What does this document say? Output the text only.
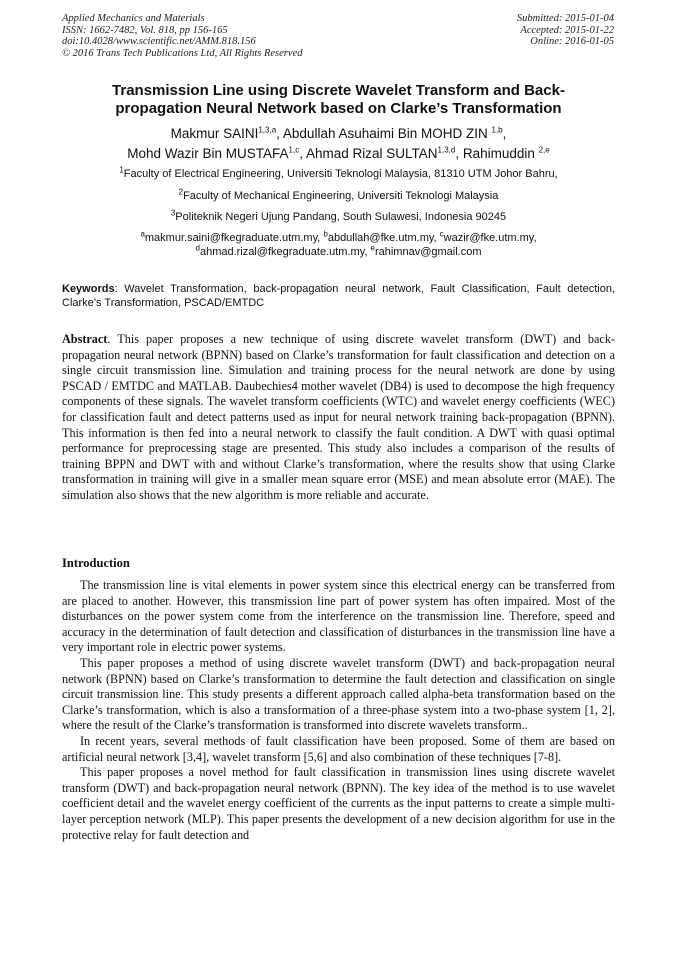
Applied Mechanics and Materials
ISSN: 1662-7482, Vol. 818, pp 156-165
doi:10.4028/www.scientific.net/AMM.818.156
© 2016 Trans Tech Publications Ltd, All Rights Reserved
Submitted: 2015-01-04
Accepted: 2015-01-22
Online: 2016-01-05
Transmission Line using Discrete Wavelet Transform and Back-
propagation Neural Network based on Clarke’s Transformation
Makmur SAINI$^{1,3,a}$, Abdullah Asuhaimi Bin MOHD ZIN $^{1,b}$,
Mohd Wazir Bin MUSTAFA$^{1,c}$, Ahmad Rizal SULTAN$^{1,3,d}$, Rahimuddin $^{2,e}$
$^1$Faculty of Electrical Engineering, Universiti Teknologi Malaysia, 81310 UTM Johor Bahru,
$^2$Faculty of Mechanical Engineering, Universiti Teknologi Malaysia
$^3$Politeknik Negeri Ujung Pandang, South Sulawesi, Indonesia 90245
$^a$makmur.saini@fkegraduate.utm.my, $^b$abdullah@fke.utm.my, $^c$wazir@fke.utm.my,
$^d$ahmad.rizal@fkegraduate.utm.my, $^e$rahimnav@gmail.com
Keywords: Wavelet Transformation, back-propagation neural network, Fault Classification, Fault detection, Clarke’s Transformation, PSCAD/EMTDC
Abstract. This paper proposes a new technique of using discrete wavelet transform (DWT) and back-propagation neural network (BPNN) based on Clarke’s transformation for fault classification and detection on a single circuit transmission line. Simulation and training process for the neural network are done by using PSCAD / EMTDC and MATLAB. Daubechies4 mother wavelet (DB4) is used to decompose the high frequency components of these signals. The wavelet transform coefficients (WTC) and wavelet energy coefficients (WEC) for classification fault and detect patterns used as input for neural network training back-propagation (BPNN). This information is then fed into a neural network to classify the fault condition. A DWT with quasi optimal performance for preprocessing stage are presented. This study also includes a comparison of the results of training BPPN and DWT with and without Clarke’s transformation, where the results show that using Clarke transformation in training will give in a smaller mean square error (MSE) and mean absolute error (MAE). The simulation also shows that the new algorithm is more reliable and accurate.
Introduction

The transmission line is vital elements in power system since this electrical energy can be transferred from are placed to another. However, this transmission line part of power system has often impaired. Most of the disturbances on the power system come from the interference on the transmission line. Therefore, speed and accuracy in the determination of fault detection and classification of disturbances in the transmission line have a very important role in electric power systems.

This paper proposes a method of using discrete wavelet transform (DWT) and back-propagation neural network (BPNN) based on Clarke’s transformation to determine the fault detection and classification on single circuit transmission line. This study presents a different approach called alpha-beta transformation based on the Clarke’s transformation, which is also a transformation of a three-phase system into a two-phase system [1, 2], where the result of the Clarke’s transformation is transformed into discrete wavelets transform..

In recent years, several methods of fault classification have been proposed. Some of them are based on artificial neural network [3,4], wavelet transform [5,6] and also combination of these techniques [7-8].

This paper proposes a novel method for fault classification in transmission lines using discrete wavelet transform (DWT) and back-propagation neural network (BPNN). The key idea of the method is to use wavelet coefficient detail and the wavelet energy coefficient of the currents as the input patterns to create a simple multi-layer perception network (MLP). This paper presents the development of a new decision algorithm for use in the protective relay for fault detection and
